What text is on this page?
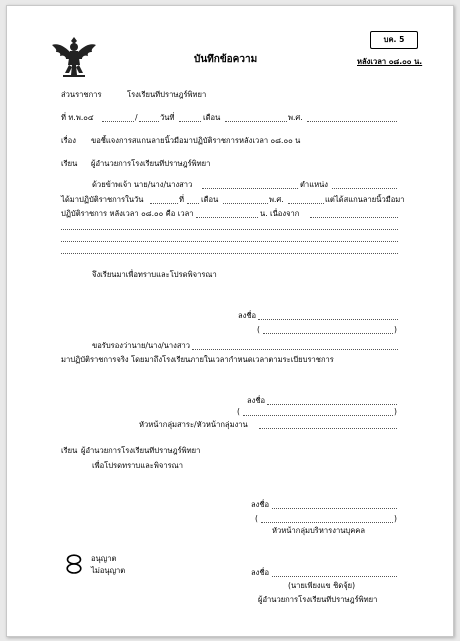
บค. 5
บันทึกข้อความ	หลังเวลา ๐๘.๐๐ น.
ส่วนราชการ	โรงเรียนทีปราษฎร์พิทยา
ที่ ท.พ.๐๔	/	วันที่	เดือน	พ.ศ.
เรื่อง ขอชี้แจงการสแกนลายนิ้วมือมาปฏิบัติราชการหลังเวลา ๐๘.๐๐ น
เรียน ผู้อำนวยการโรงเรียนทีปราษฎร์พิทยา
ด้วยข้าพเจ้า นาย/นาง/นางสาว	ตำแหน่ง
ได้มาปฏิบัติราชการในวัน	ที่ เดือน	พ.ศ.	แต่ได้สแกนลายนิ้วมือมา
ปฏิบัติราชการ หลังเวลา ๐๘.๐๐ คือ เวลา	น. เนื่องจาก
จึงเรียนมาเพื่อทราบและโปรดพิจารณา
ลงชื่อ
(	)
ขอรับรองว่านาย/นาง/นางสาว
มาปฏิบัติราชการจริง โดยมาถึงโรงเรียนภายในเวลากำหนดเวลาตามระเบียบราชการ
ลงชื่อ
(	)
หัวหน้ากลุ่มสาระ/หัวหน้ากลุ่มงาน
เรียน ผู้อำนวยการโรงเรียนทีปราษฎร์พิทยา
เพื่อโปรดทราบและพิจารณา
ลงชื่อ
(	)
หัวหน้ากลุ่มบริหารงานบุคคล
อนุญาต
ไม่อนุญาต	ลงชื่อ
(นายเพียงแข ชิดจุ้ย)
ผู้อำนวยการโรงเรียนทีปราษฎร์พิทยา
